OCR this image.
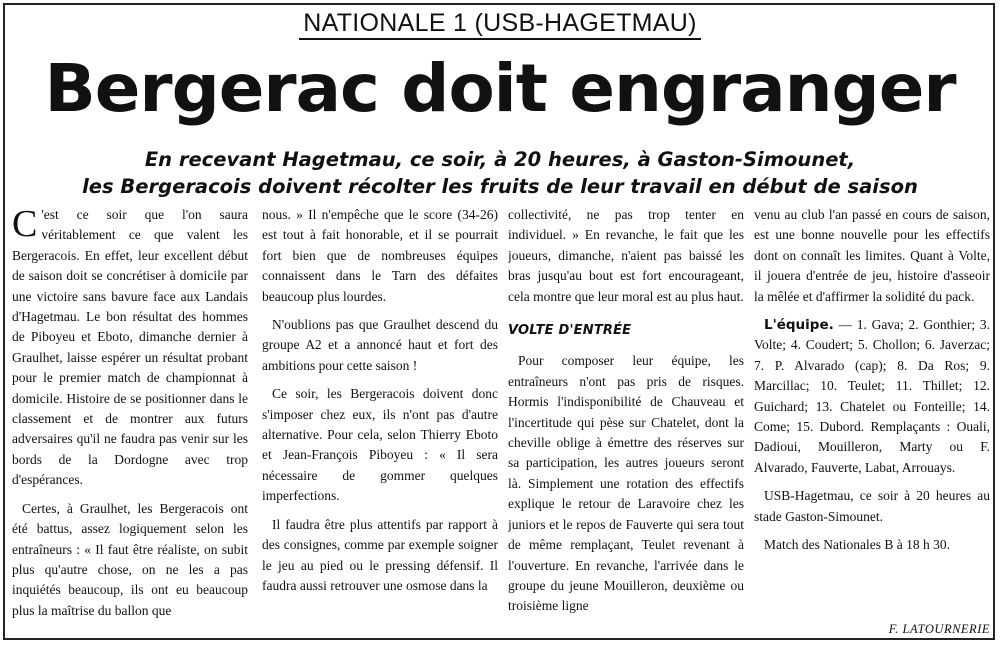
NATIONALE 1 (USB-HAGETMAU)
Bergerac doit engranger
En recevant Hagetmau, ce soir, à 20 heures, à Gaston-Simounet,
les Bergeracois doivent récolter les fruits de leur travail en début de saison

C 'est ce soir que l'on saura véritablement ce que valent les Bergeracois. En effet, leur excellent début de saison doit se concrétiser à domicile par une victoire sans bavure face aux Landais d'Hagetmau. Le bon résultat des hommes de Piboyeu et Eboto, dimanche dernier à Graulhet, laisse espérer un résultat probant pour le premier match de championnat à domicile. Histoire de se positionner dans le classement et de montrer aux futurs adversaires qu'il ne faudra pas venir sur les bords de la Dordogne avec trop d'espérances.

Certes, à Graulhet, les Bergeracois ont été battus, assez logiquement selon les entraîneurs : « Il faut être réaliste, on subit plus qu'autre chose, on ne les a pas inquiétés beaucoup, ils ont eu beaucoup plus la maîtrise du ballon que

nous. » Il n'empêche que le score (34-26) est tout à fait honorable, et il se pourrait fort bien que de nombreuses équipes connaissent dans le Tarn des défaites beaucoup plus lourdes.

N'oublions pas que Graulhet descend du groupe A2 et a annoncé haut et fort des ambitions pour cette saison !

Ce soir, les Bergeracois doivent donc s'imposer chez eux, ils n'ont pas d'autre alternative. Pour cela, selon Thierry Eboto et Jean-François Piboyeu : « Il sera nécessaire de gommer quelques imperfections.

Il faudra être plus attentifs par rapport à des consignes, comme par exemple soigner le jeu au pied ou le pressing défensif. Il faudra aussi retrouver une osmose dans la

collectivité, ne pas trop tenter en individuel. » En revanche, le fait que les joueurs, dimanche, n'aient pas baissé les bras jusqu'au bout est fort encourageant, cela montre que leur moral est au plus haut.

VOLTE D'ENTRÉE

Pour composer leur équipe, les entraîneurs n'ont pas pris de risques. Hormis l'indisponibilité de Chauveau et l'incertitude qui pèse sur Chatelet, dont la cheville oblige à émettre des réserves sur sa participation, les autres joueurs seront là. Simplement une rotation des effectifs explique le retour de Laravoire chez les juniors et le repos de Fauverte qui sera tout de même remplaçant, Teulet revenant à l'ouverture. En revanche, l'arrivée dans le groupe du jeune Mouilleron, deuxième ou troisième ligne

venu au club l'an passé en cours de saison, est une bonne nouvelle pour les effectifs dont on connaît les limites. Quant à Volte, il jouera d'entrée de jeu, histoire d'asseoir la mêlée et d'affirmer la solidité du pack.

L'équipe. — 1. Gava; 2. Gonthier; 3. Volte; 4. Coudert; 5. Chollon; 6. Javerzac; 7. P. Alvarado (cap); 8. Da Ros; 9. Marcillac; 10. Teulet; 11. Thillet; 12. Guichard; 13. Chatelet ou Fonteille; 14. Come; 15. Dubord. Remplaçants : Ouali, Dadioui, Mouilleron, Marty ou F. Alvarado, Fauverte, Labat, Arrouays.

USB-Hagetmau, ce soir à 20 heures au stade Gaston-Simounet.

Match des Nationales B à 18 h 30.

F. LATOURNERIE
